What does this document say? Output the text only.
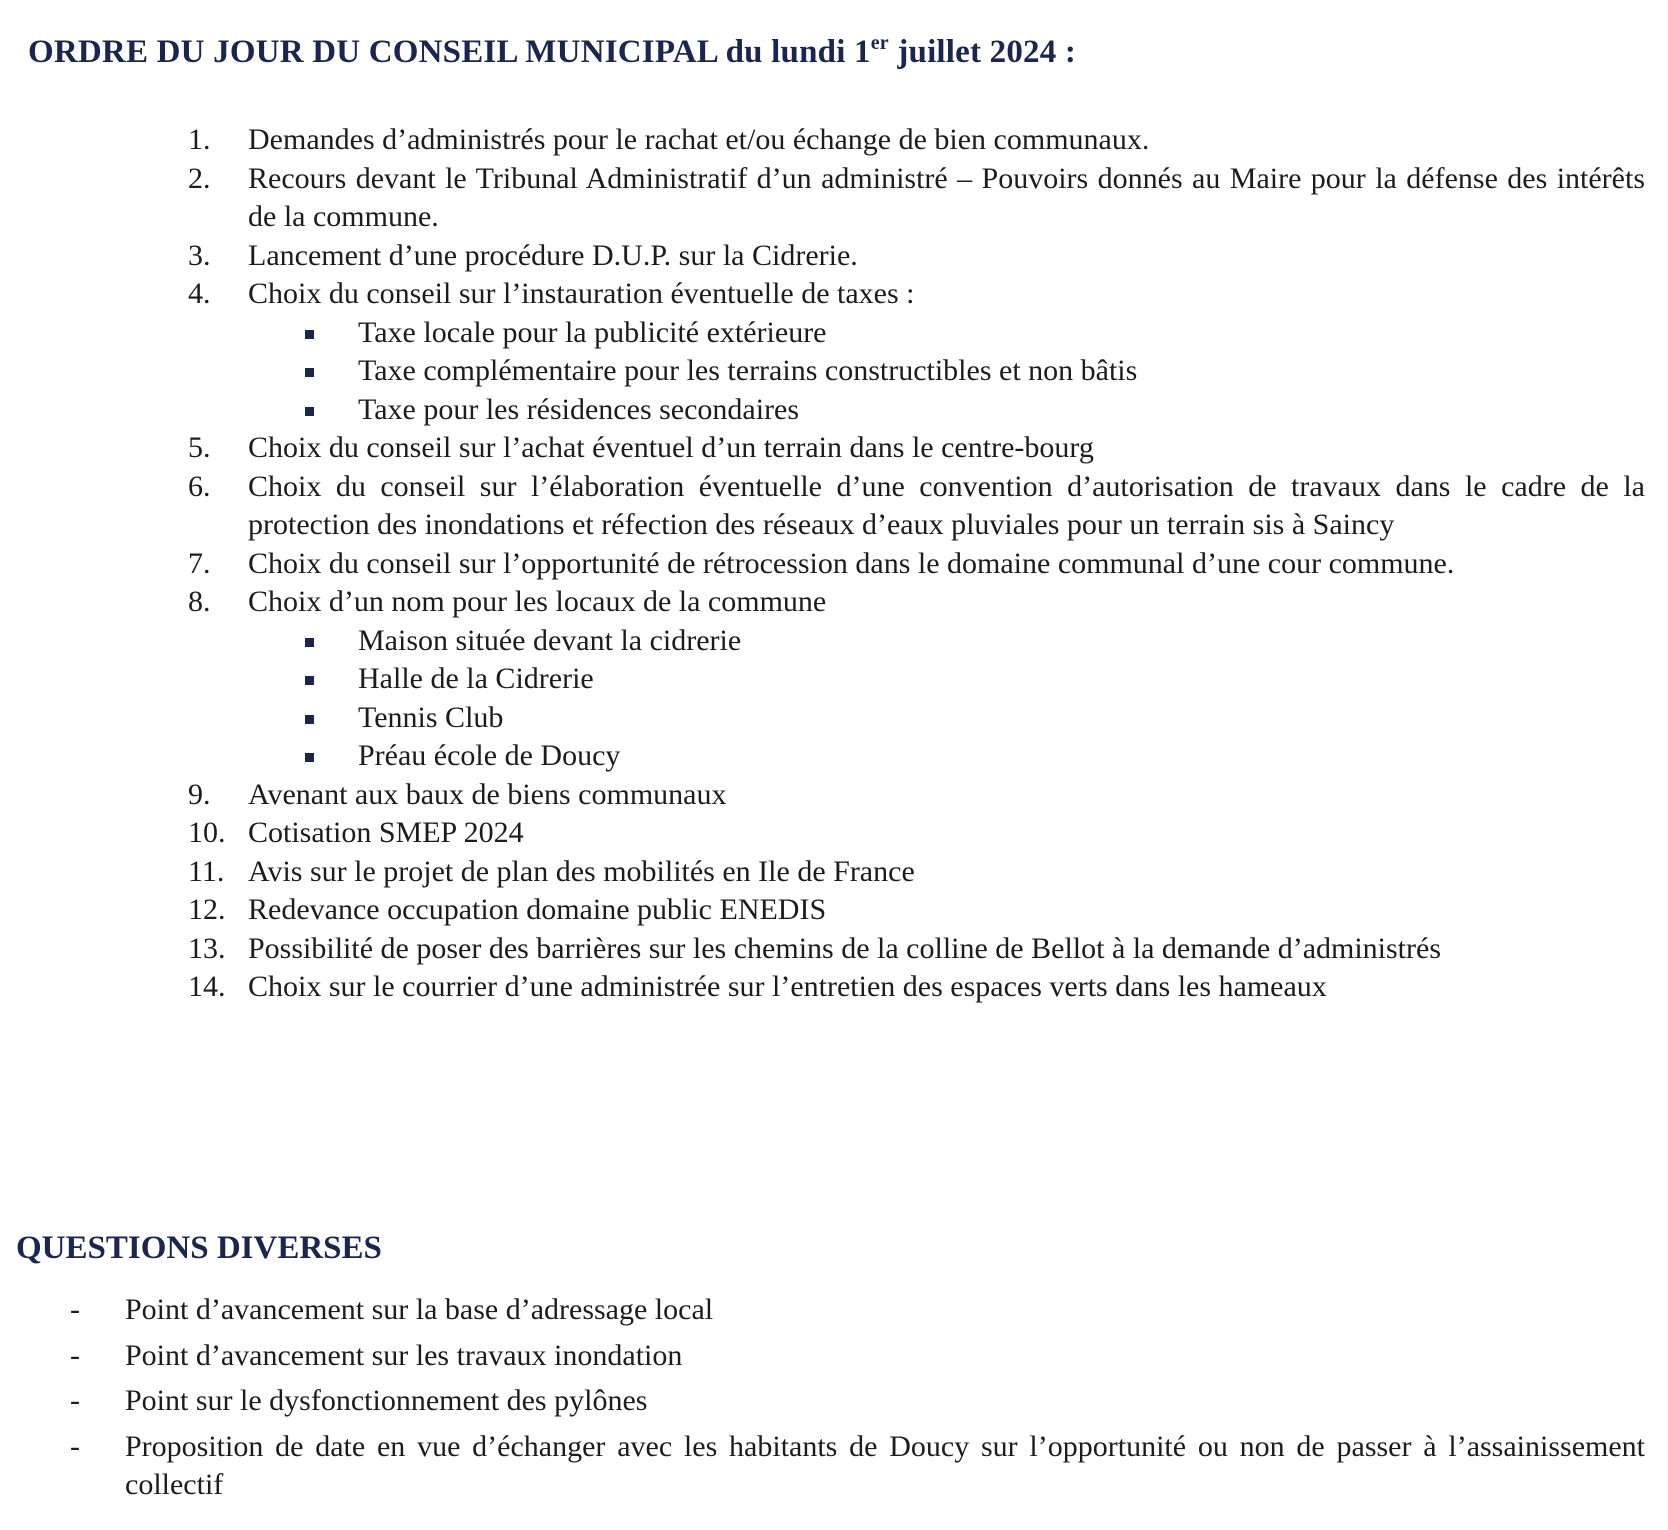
ORDRE DU JOUR DU CONSEIL MUNICIPAL du lundi 1er juillet 2024 :
1. Demandes d’administrés pour le rachat et/ou échange de bien communaux.
2. Recours devant le Tribunal Administratif d’un administré – Pouvoirs donnés au Maire pour la défense des intérêts de la commune.
3. Lancement d’une procédure D.U.P. sur la Cidrerie.
4. Choix du conseil sur l’instauration éventuelle de taxes :
Taxe locale pour la publicité extérieure
Taxe complémentaire pour les terrains constructibles et non bâtis
Taxe pour les résidences secondaires
5. Choix du conseil sur l’achat éventuel d’un terrain dans le centre-bourg
6. Choix du conseil sur l’élaboration éventuelle d’une convention d’autorisation de travaux dans le cadre de la protection des inondations et réfection des réseaux d’eaux pluviales pour un terrain sis à Saincy
7. Choix du conseil sur l’opportunité de rétrocession dans le domaine communal d’une cour commune.
8. Choix d’un nom pour les locaux de la commune
Maison située devant la cidrerie
Halle de la Cidrerie
Tennis Club
Préau école de Doucy
9. Avenant aux baux de biens communaux
10. Cotisation SMEP 2024
11. Avis sur le projet de plan des mobilités en Ile de France
12. Redevance occupation domaine public ENEDIS
13. Possibilité de poser des barrières sur les chemins de la colline de Bellot à la demande d’administrés
14. Choix sur le courrier d’une administrée sur l’entretien des espaces verts dans les hameaux
QUESTIONS DIVERSES
- Point d’avancement sur la base d’adressage local
- Point d’avancement sur les travaux inondation
- Point sur le dysfonctionnement des pylônes
- Proposition de date en vue d’échanger avec les habitants de Doucy sur l’opportunité ou non de passer à l’assainissement collectif
